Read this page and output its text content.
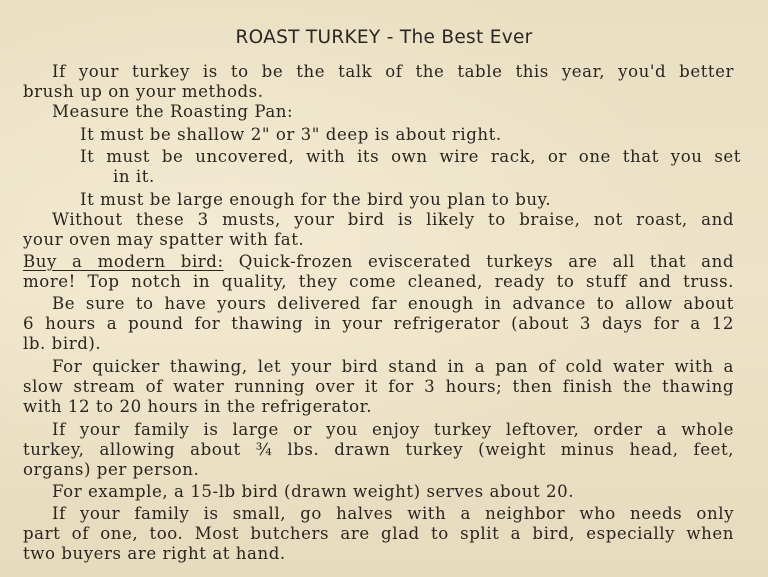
ROAST TURKEY - The Best Ever
If your turkey is to be the talk of the table this year, you'd better
brush up on your methods.
Measure the Roasting Pan:
It must be shallow 2" or 3" deep is about right.
It must be uncovered, with its own wire rack, or one that you set
in it.
It must be large enough for the bird you plan to buy.
Without these 3 musts, your bird is likely to braise, not roast, and
your oven may spatter with fat.
Buy a modern bird: Quick-frozen eviscerated turkeys are all that and
more! Top notch in quality, they come cleaned, ready to stuff and truss.
Be sure to have yours delivered far enough in advance to allow about
6 hours a pound for thawing in your refrigerator (about 3 days for a 12
lb. bird).
For quicker thawing, let your bird stand in a pan of cold water with a
slow stream of water running over it for 3 hours; then finish the thawing
with 12 to 20 hours in the refrigerator.
If your family is large or you enjoy turkey leftover, order a whole
turkey, allowing about ¾ lbs. drawn turkey (weight minus head, feet,
organs) per person.
For example, a 15-lb bird (drawn weight) serves about 20.
If your family is small, go halves with a neighbor who needs only
part of one, too. Most butchers are glad to split a bird, especially when
two buyers are right at hand.
